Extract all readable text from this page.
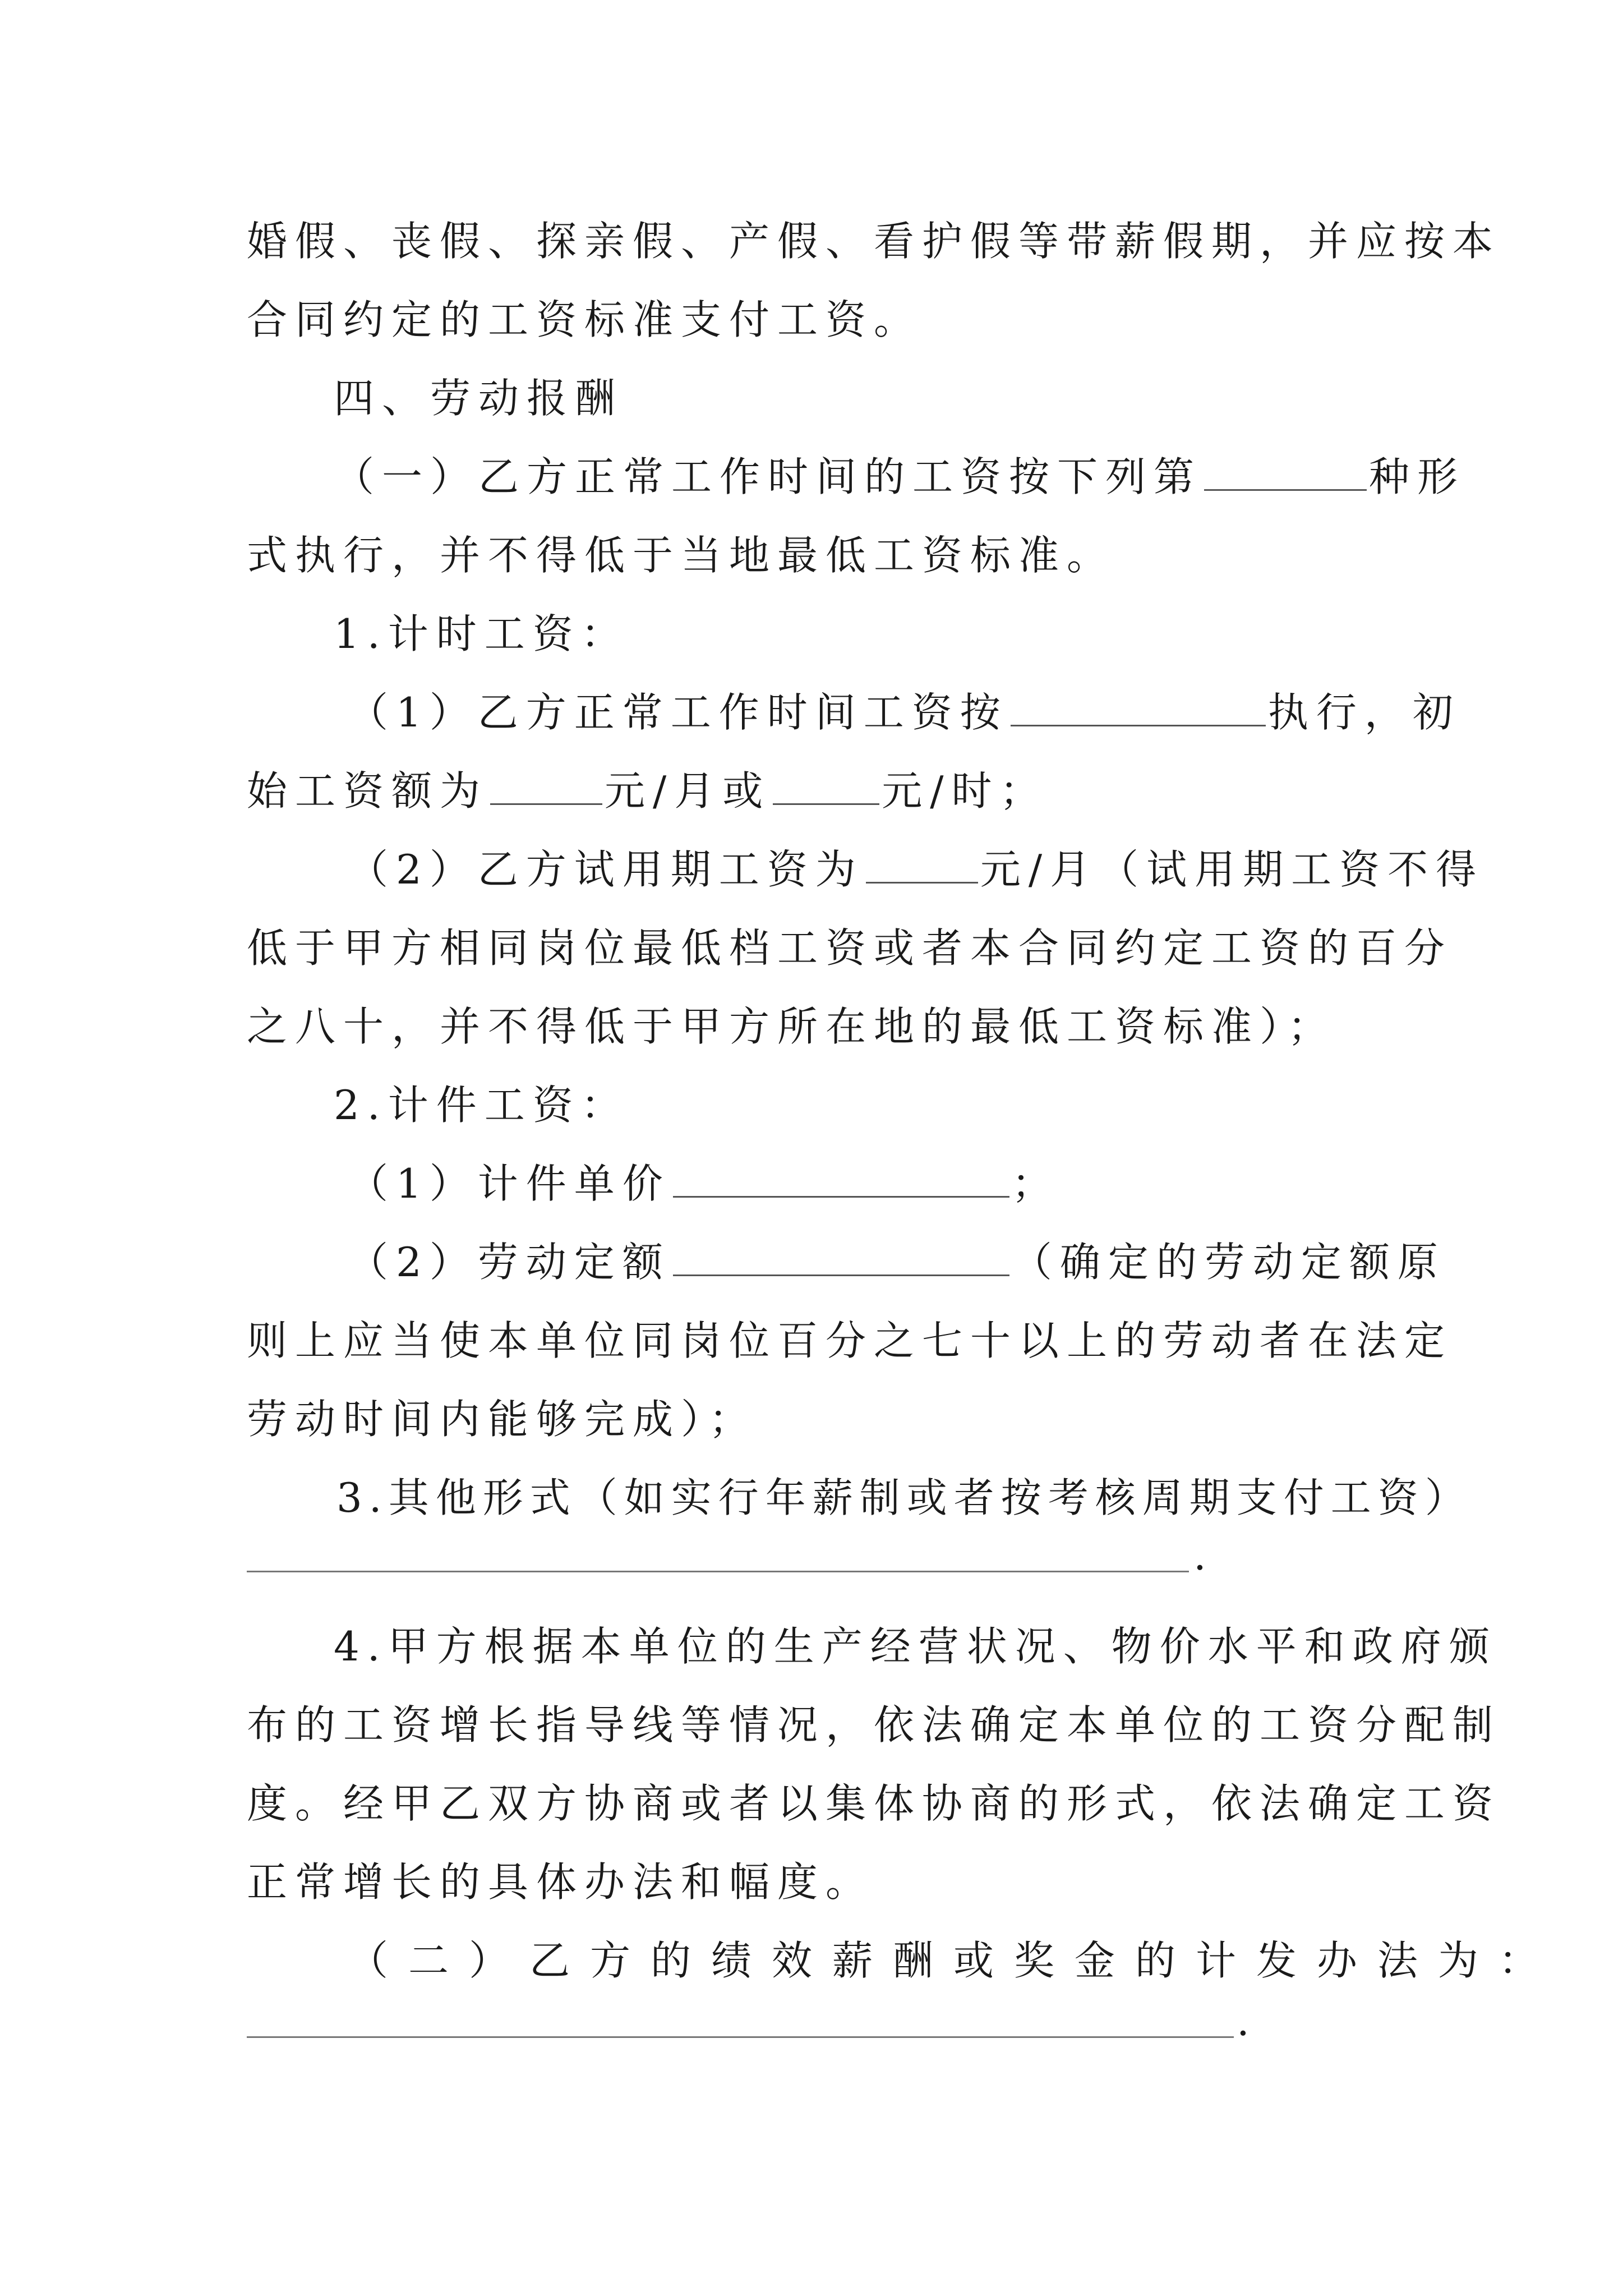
婚假、丧假、探亲假、产假、看护假等带薪假期，并应按本
合同约定的工资标准支付工资。
四、劳动报酬
（一）乙方正常工作时间的工资按下列第	种形
式执行，并不得低于当地最低工资标准。
1.计时工资：
（1）乙方正常工作时间工资按	执行，初
始工资额为	元/月或	元/时；
（2）乙方试用期工资为	元/月（试用期工资不得
低于甲方相同岗位最低档工资或者本合同约定工资的百分
之八十，并不得低于甲方所在地的最低工资标准）；
2.计件工资：
（1）计件单价	；
（2）劳动定额	（确定的劳动定额原
则上应当使本单位同岗位百分之七十以上的劳动者在法定
劳动时间内能够完成）；
3.其他形式（如实行年薪制或者按考核周期支付工资）
.
4.甲方根据本单位的生产经营状况、物价水平和政府颁
布的工资增长指导线等情况，依法确定本单位的工资分配制
度。经甲乙双方协商或者以集体协商的形式，依法确定工资
正常增长的具体办法和幅度。
（二）乙方的绩效薪酬或奖金的计发办法为：
.
